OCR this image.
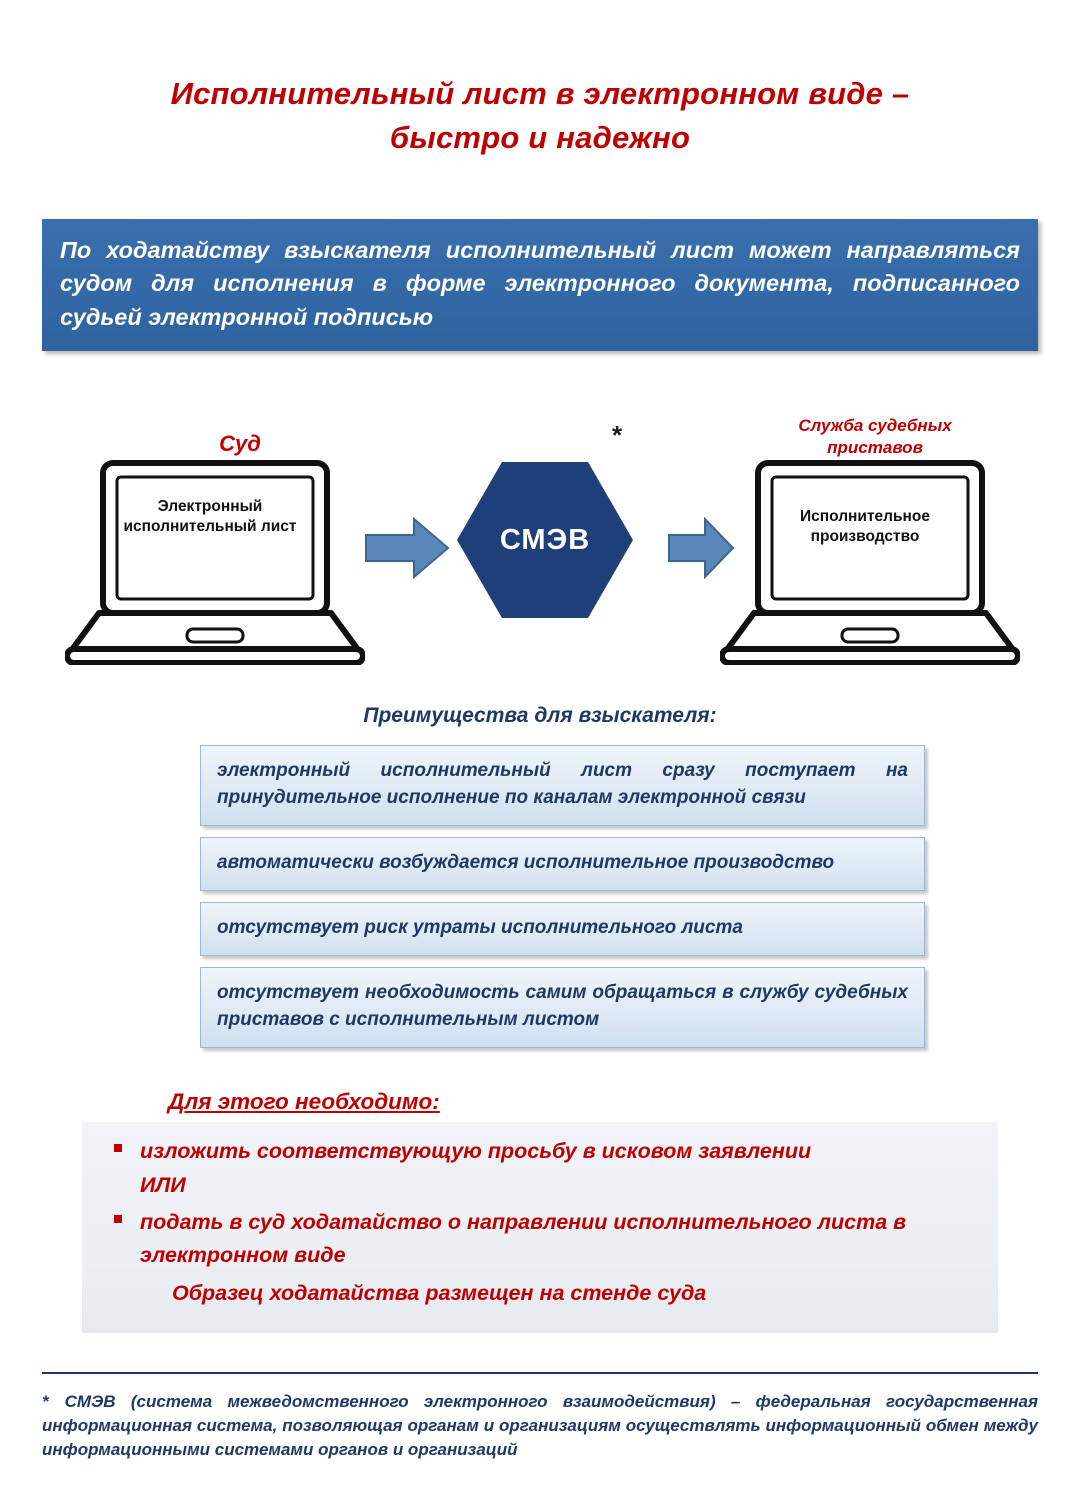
Исполнительный лист в электронном виде –
быстро и надежно
По ходатайству взыскателя исполнительный лист может направляться судом для исполнения в форме электронного документа, подписанного судьей электронной подписью
Суд
Служба судебных приставов
*
Электронный исполнительный лист	СМЭВ
Исполнительное производство
Преимущества для взыскателя:
электронный исполнительный лист сразу поступает на принудительное исполнение по каналам электронной связи
автоматически возбуждается исполнительное производство
отсутствует риск утраты исполнительного листа
отсутствует необходимость самим обращаться в службу судебных приставов с исполнительным листом
Для этого необходимо:
изложить соответствующую просьбу в исковом заявлении
ИЛИ
подать в суд ходатайство о направлении исполнительного листа в электронном виде
Образец ходатайства размещен на стенде суда
* СМЭВ (система межведомственного электронного взаимодействия) – федеральная государственная информационная система, позволяющая органам и организациям осуществлять информационный обмен между информационными системами органов и организаций
